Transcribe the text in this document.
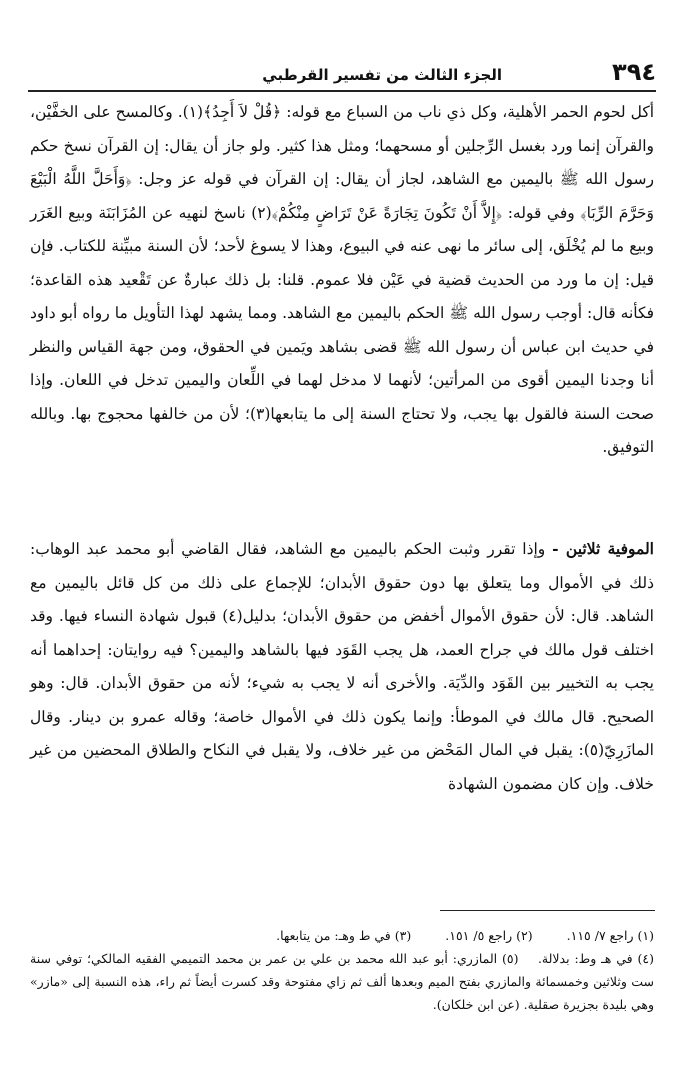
٣٩٤
الجزء الثالث من تفسير القرطبي

أكل لحوم الحمر الأهلية، وكل ذي ناب من السباع مع قوله: ﴿قُلْ لاَ أَجِدُ﴾(١). وكالمسح على الخفَّيْن، والقرآن إنما ورد بغسل الرِّجلين أو مسحهما؛ ومثل هذا كثير. ولو جاز أن يقال: إن القرآن نسخ حكم رسول الله ﷺ باليمين مع الشاهد، لجاز أن يقال: إن القرآن في قوله عز وجل: ﴿وَأَحَلَّ اللَّهُ الْبَيْعَ وَحَرَّمَ الرِّبَا﴾ وفي قوله: ﴿إِلاَّ أَنْ تَكُونَ تِجَارَةً عَنْ تَرَاضٍ مِنْكُمْ﴾(٢) ناسخ لنهيه عن المُزَابَنَة وبيع الغَرَر وبيع ما لم يُخْلَق، إلى سائر ما نهى عنه في البيوع، وهذا لا يسوغ لأحد؛ لأن السنة مبيِّنة للكتاب. فإن قيل: إن ما ورد من الحديث قضية في عَيْن فلا عموم. قلنا: بل ذلك عبارةٌ عن تَقْعيد هذه القاعدة؛ فكأنه قال: أوجب رسول الله ﷺ الحكم باليمين مع الشاهد. ومما يشهد لهذا التأويل ما رواه أبو داود في حديث ابن عباس أن رسول الله ﷺ قضى بشاهد ويَمين في الحقوق، ومن جهة القياس والنظر أنا وجدنا اليمين أقوى من المرأتين؛ لأنهما لا مدخل لهما في اللِّعان واليمين تدخل في اللعان. وإذا صحت السنة فالقول بها يجب، ولا تحتاج السنة إلى ما يتابعها(٣)؛ لأن من خالفها محجوج بها. وبالله التوفيق.

الموفية ثلاثين - وإذا تقرر وثبت الحكم باليمين مع الشاهد، فقال القاضي أبو محمد عبد الوهاب: ذلك في الأموال وما يتعلق بها دون حقوق الأبدان؛ للإجماع على ذلك من كل قائل باليمين مع الشاهد. قال: لأن حقوق الأموال أخفض من حقوق الأبدان؛ بدليل(٤) قبول شهادة النساء فيها. وقد اختلف قول مالك في جراح العمد، هل يجب القَوَد فيها بالشاهد واليمين؟ فيه روايتان: إحداهما أنه يجب به التخيير بين القَوَد والدِّيَة. والأخرى أنه لا يجب به شيء؛ لأنه من حقوق الأبدان. قال: وهو الصحيح. قال مالك في الموطأ: وإنما يكون ذلك في الأموال خاصة؛ وقاله عمرو بن دينار. وقال المازَرِيّ(٥): يقبل في المال المَحْض من غير خلاف، ولا يقبل في النكاح والطلاق المحضين من غير خلاف. وإن كان مضمون الشهادة

(١) راجع ٧/ ١١٥.
(٢) راجع ٥/ ١٥١.
(٣) في ط وهـ: من يتابعها.
(٤) في هـ وط: بدلالة.    (٥) المازري: أبو عبد الله محمد بن علي بن عمر بن محمد التميمي الفقيه المالكي؛ توفي سنة ست وثلاثين وخمسمائة والمازري بفتح الميم وبعدها ألف ثم زاي مفتوحة وقد كسرت أيضاً ثم راء، هذه النسبة إلى «مازر» وهي بليدة بجزيرة صقلية. (عن ابن خلكان).
